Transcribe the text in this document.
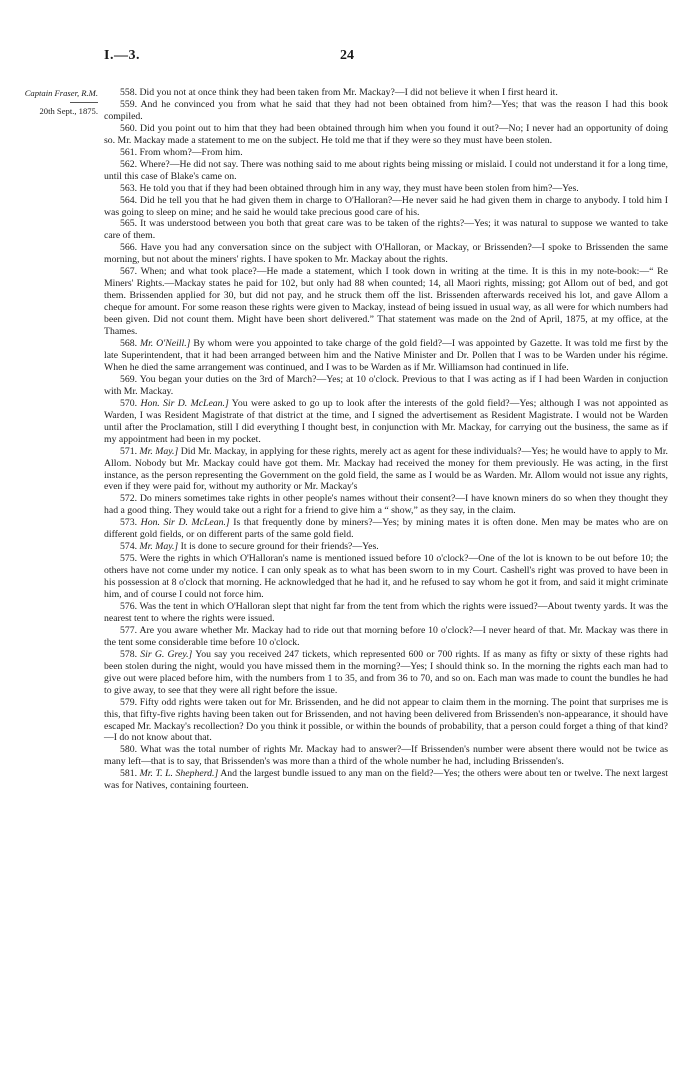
I.—3.	24
Captain Fraser, R.M.
20th Sept., 1875.

558. Did you not at once think they had been taken from Mr. Mackay?—I did not believe it when I first heard it.

559. And he convinced you from what he said that they had not been obtained from him?—Yes; that was the reason I had this book compiled.

560. Did you point out to him that they had been obtained through him when you found it out?—No; I never had an opportunity of doing so. Mr. Mackay made a statement to me on the subject. He told me that if they were so they must have been stolen.

561. From whom?—From him.

562. Where?—He did not say. There was nothing said to me about rights being missing or mislaid. I could not understand it for a long time, until this case of Blake's came on.

563. He told you that if they had been obtained through him in any way, they must have been stolen from him?—Yes.

564. Did he tell you that he had given them in charge to O'Halloran?—He never said he had given them in charge to anybody. I told him I was going to sleep on mine; and he said he would take precious good care of his.

565. It was understood between you both that great care was to be taken of the rights?—Yes; it was natural to suppose we wanted to take care of them.

566. Have you had any conversation since on the subject with O'Halloran, or Mackay, or Brissenden?—I spoke to Brissenden the same morning, but not about the miners' rights. I have spoken to Mr. Mackay about the rights.

567. When; and what took place?—He made a statement, which I took down in writing at the time. It is this in my note-book:—“ Re Miners' Rights.—Mackay states he paid for 102, but only had 88 when counted; 14, all Maori rights, missing; got Allom out of bed, and got them. Brissenden applied for 30, but did not pay, and he struck them off the list. Brissenden afterwards received his lot, and gave Allom a cheque for amount. For some reason these rights were given to Mackay, instead of being issued in usual way, as all were for which numbers had been given. Did not count them. Might have been short delivered.” That statement was made on the 2nd of April, 1875, at my office, at the Thames.

568. Mr. O'Neill.] By whom were you appointed to take charge of the gold field?—I was appointed by Gazette. It was told me first by the late Superintendent, that it had been arranged between him and the Native Minister and Dr. Pollen that I was to be Warden under his régime. When he died the same arrangement was continued, and I was to be Warden as if Mr. Williamson had continued in life.

569. You began your duties on the 3rd of March?—Yes; at 10 o'clock. Previous to that I was acting as if I had been Warden in conjuction with Mr. Mackay.

570. Hon. Sir D. McLean.] You were asked to go up to look after the interests of the gold field?—Yes; although I was not appointed as Warden, I was Resident Magistrate of that district at the time, and I signed the advertisement as Resident Magistrate. I would not be Warden until after the Proclamation, still I did everything I thought best, in conjunction with Mr. Mackay, for carrying out the business, the same as if my appointment had been in my pocket.

571. Mr. May.] Did Mr. Mackay, in applying for these rights, merely act as agent for these individuals?—Yes; he would have to apply to Mr. Allom. Nobody but Mr. Mackay could have got them. Mr. Mackay had received the money for them previously. He was acting, in the first instance, as the person representing the Government on the gold field, the same as I would be as Warden. Mr. Allom would not issue any rights, even if they were paid for, without my authority or Mr. Mackay's

572. Do miners sometimes take rights in other people's names without their consent?—I have known miners do so when they thought they had a good thing. They would take out a right for a friend to give him a “ show,” as they say, in the claim.

573. Hon. Sir D. McLean.] Is that frequently done by miners?—Yes; by mining mates it is often done. Men may be mates who are on different gold fields, or on different parts of the same gold field.

574. Mr. May.] It is done to secure ground for their friends?—Yes.

575. Were the rights in which O'Halloran's name is mentioned issued before 10 o'clock?—One of the lot is known to be out before 10; the others have not come under my notice. I can only speak as to what has been sworn to in my Court. Cashell's right was proved to have been in his possession at 8 o'clock that morning. He acknowledged that he had it, and he refused to say whom he got it from, and said it might criminate him, and of course I could not force him.

576. Was the tent in which O'Halloran slept that night far from the tent from which the rights were issued?—About twenty yards. It was the nearest tent to where the rights were issued.

577. Are you aware whether Mr. Mackay had to ride out that morning before 10 o'clock?—I never heard of that. Mr. Mackay was there in the tent some considerable time before 10 o'clock.

578. Sir G. Grey.] You say you received 247 tickets, which represented 600 or 700 rights. If as many as fifty or sixty of these rights had been stolen during the night, would you have missed them in the morning?—Yes; I should think so. In the morning the rights each man had to give out were placed before him, with the numbers from 1 to 35, and from 36 to 70, and so on. Each man was made to count the bundles he had to give away, to see that they were all right before the issue.

579. Fifty odd rights were taken out for Mr. Brissenden, and he did not appear to claim them in the morning. The point that surprises me is this, that fifty-five rights having been taken out for Brissenden, and not having been delivered from Brissenden's non-appearance, it should have escaped Mr. Mackay's recollection? Do you think it possible, or within the bounds of probability, that a person could forget a thing of that kind?—I do not know about that.

580. What was the total number of rights Mr. Mackay had to answer?—If Brissenden's number were absent there would not be twice as many left—that is to say, that Brissenden's was more than a third of the whole number he had, including Brissenden's.

581. Mr. T. L. Shepherd.] And the largest bundle issued to any man on the field?—Yes; the others were about ten or twelve. The next largest was for Natives, containing fourteen.
